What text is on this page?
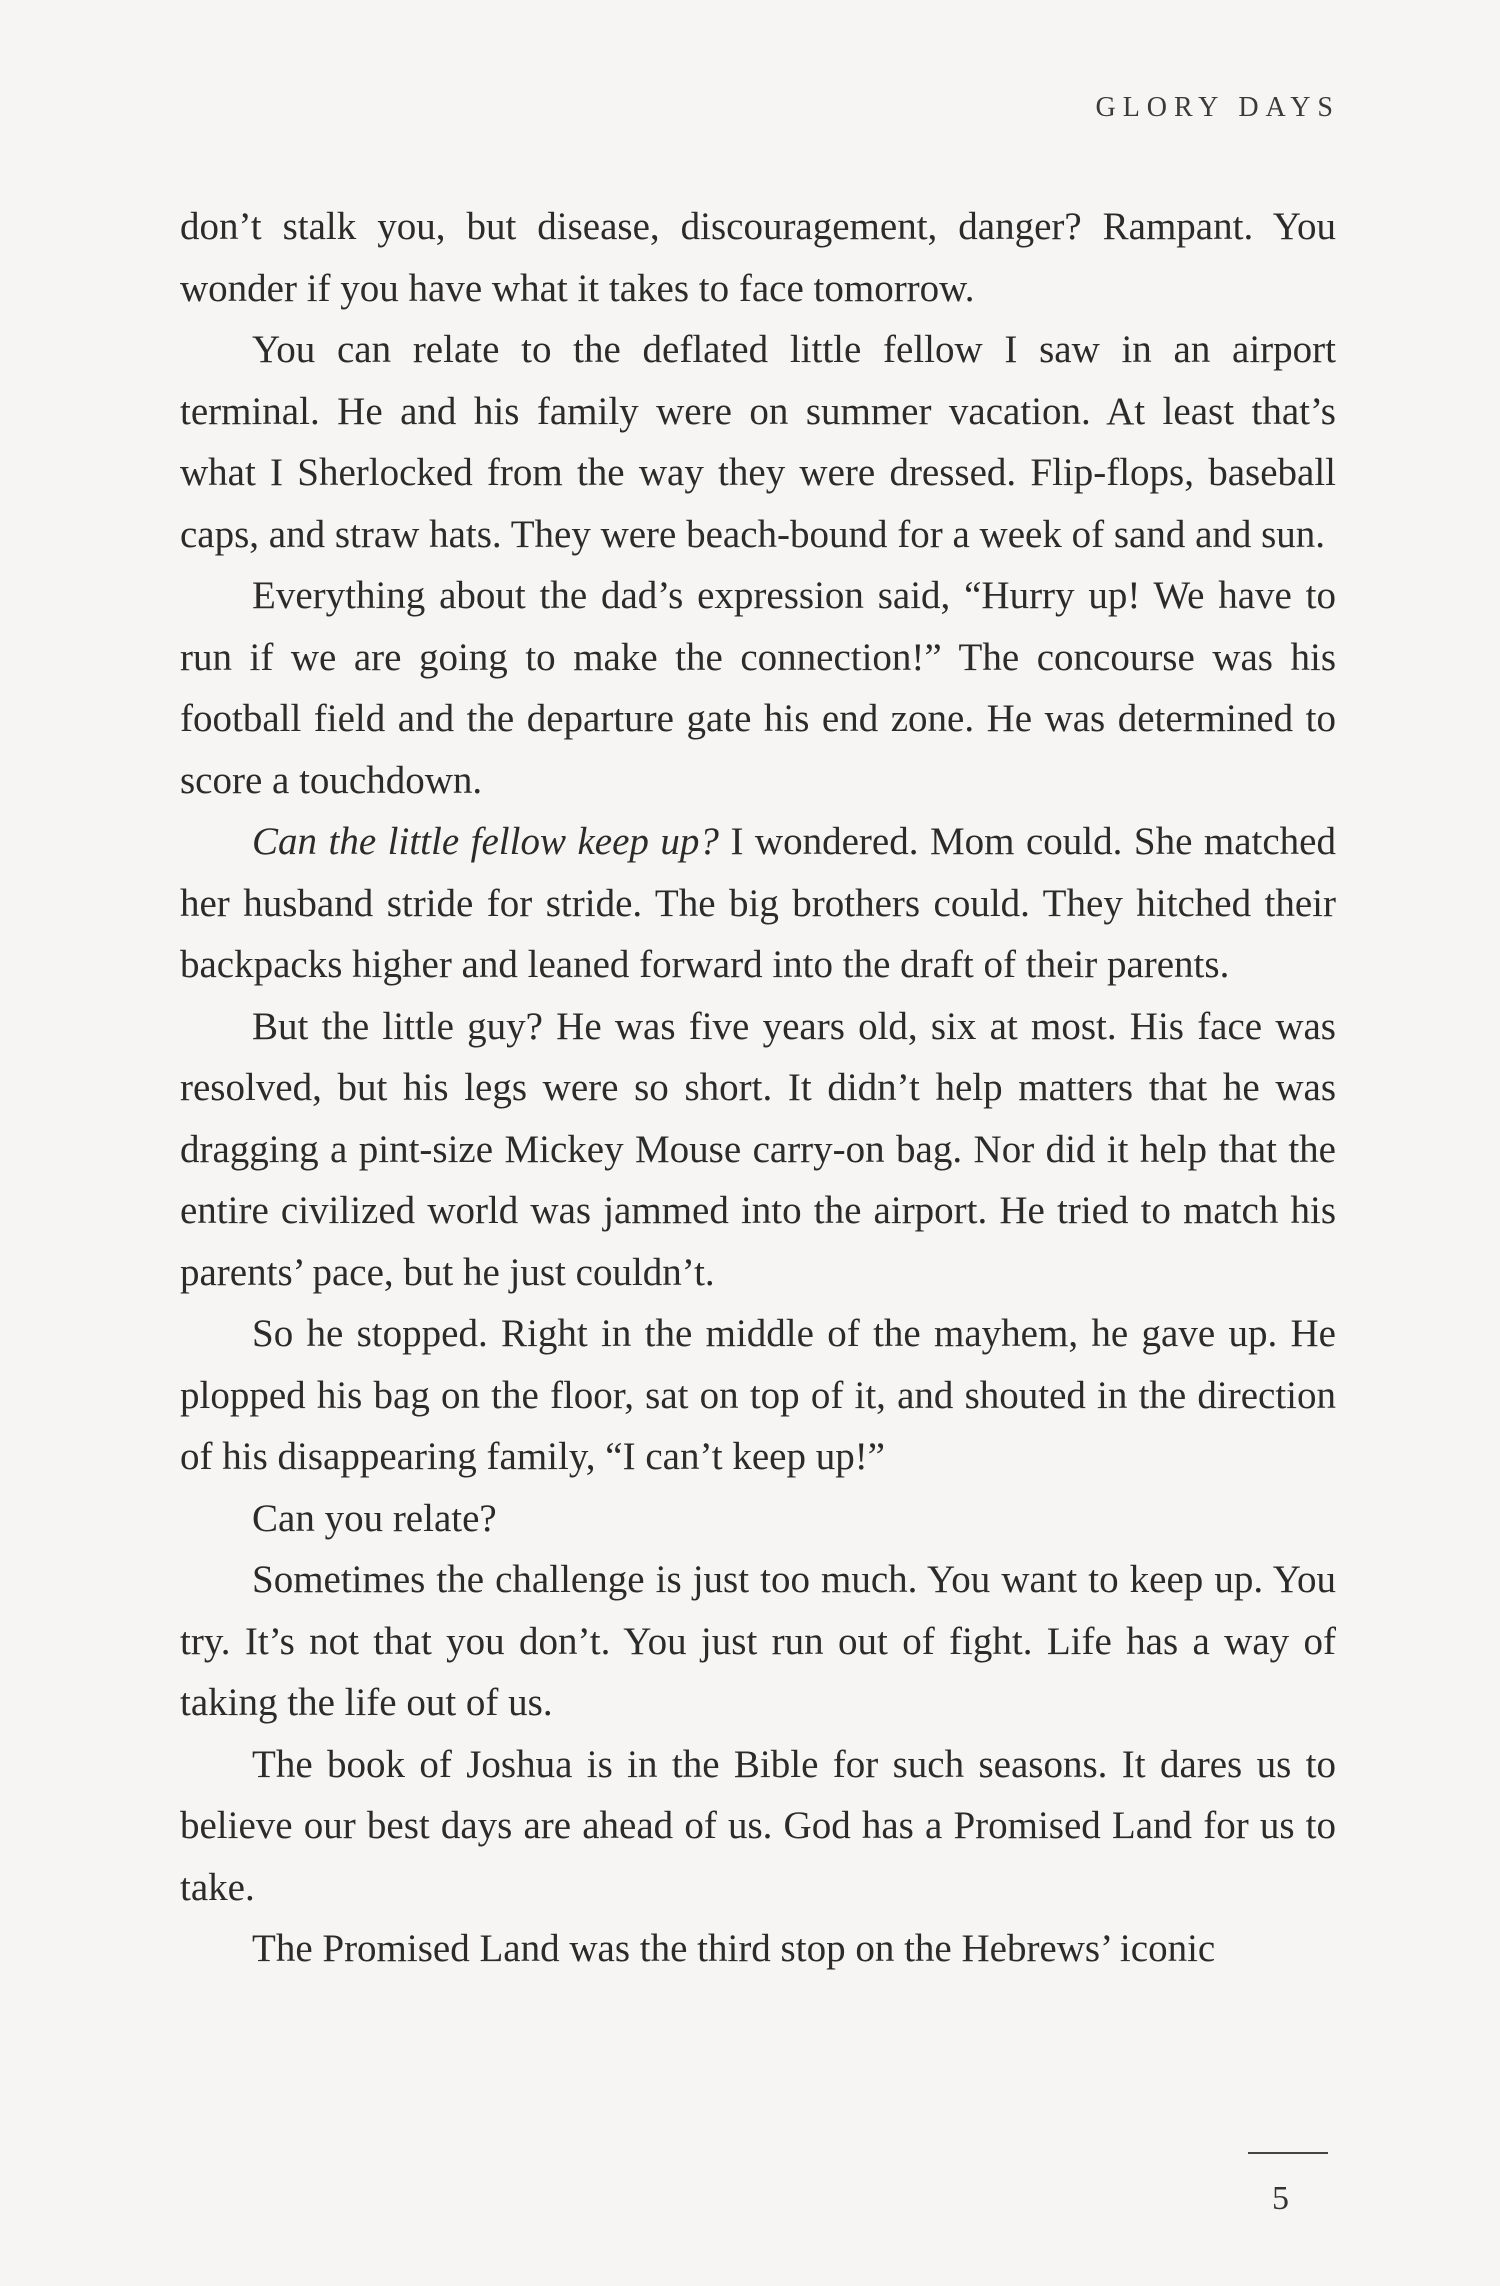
GLORY DAYS

don’t stalk you, but disease, discouragement, danger? Rampant. You wonder if you have what it takes to face tomorrow.

You can relate to the deflated little fellow I saw in an airport terminal. He and his family were on summer vacation. At least that’s what I Sherlocked from the way they were dressed. Flip-flops, baseball caps, and straw hats. They were beach-bound for a week of sand and sun.

Everything about the dad’s expression said, “Hurry up! We have to run if we are going to make the connection!” The concourse was his football field and the departure gate his end zone. He was determined to score a touchdown.

Can the little fellow keep up? I wondered. Mom could. She matched her husband stride for stride. The big brothers could. They hitched their backpacks higher and leaned forward into the draft of their parents.

But the little guy? He was five years old, six at most. His face was resolved, but his legs were so short. It didn’t help matters that he was dragging a pint-size Mickey Mouse carry-on bag. Nor did it help that the entire civilized world was jammed into the airport. He tried to match his parents’ pace, but he just couldn’t.

So he stopped. Right in the middle of the mayhem, he gave up. He plopped his bag on the floor, sat on top of it, and shouted in the direction of his disappearing family, “I can’t keep up!”

Can you relate?

Sometimes the challenge is just too much. You want to keep up. You try. It’s not that you don’t. You just run out of fight. Life has a way of taking the life out of us.

The book of Joshua is in the Bible for such seasons. It dares us to believe our best days are ahead of us. God has a Promised Land for us to take.

The Promised Land was the third stop on the Hebrews’ iconic

5
